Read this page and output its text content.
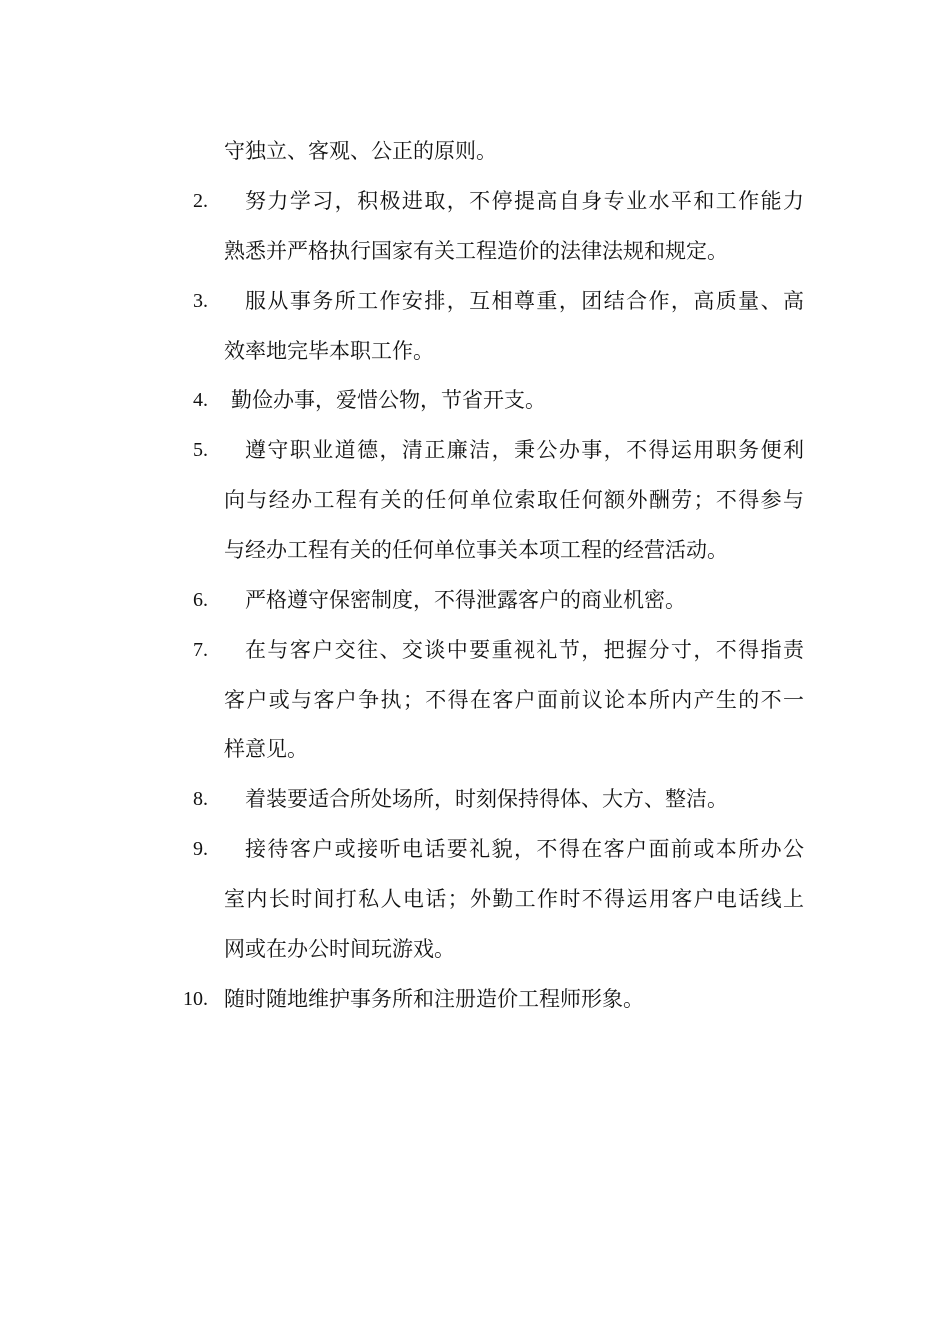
守独立、客观、公正的原则。
2. 努力学习，积极进取，不停提高自身专业水平和工作能力
熟悉并严格执行国家有关工程造价的法律法规和规定。
3. 服从事务所工作安排，互相尊重，团结合作，高质量、高
效率地完毕本职工作。
4. 勤俭办事，爱惜公物，节省开支。
5. 遵守职业道德，清正廉洁，秉公办事，不得运用职务便利
向与经办工程有关的任何单位索取任何额外酬劳；不得参与
与经办工程有关的任何单位事关本项工程的经营活动。
6. 严格遵守保密制度，不得泄露客户的商业机密。
7. 在与客户交往、交谈中要重视礼节，把握分寸，不得指责
客户或与客户争执；不得在客户面前议论本所内产生的不一
样意见。
8. 着装要适合所处场所，时刻保持得体、大方、整洁。
9. 接待客户或接听电话要礼貌，不得在客户面前或本所办公
室内长时间打私人电话；外勤工作时不得运用客户电话线上
网或在办公时间玩游戏。
10. 随时随地维护事务所和注册造价工程师形象。
